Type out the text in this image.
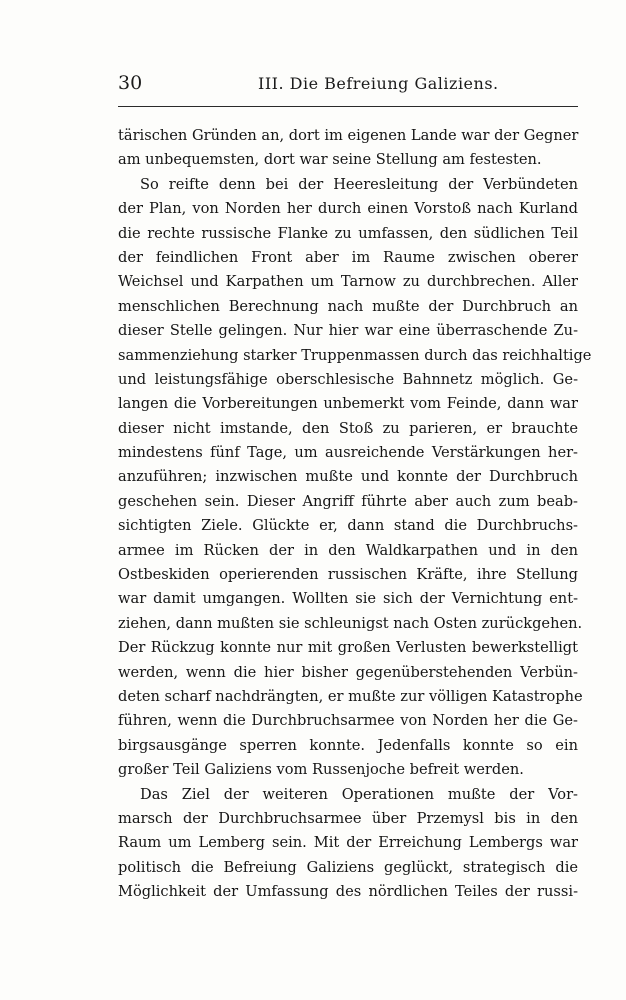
30	III. Die Befreiung Galiziens.
tärischen Gründen an, dort im eigenen Lande war der Gegner
am unbequemsten, dort war seine Stellung am festesten.
So reifte denn bei der Heeresleitung der Verbündeten
der Plan, von Norden her durch einen Vorstoß nach Kurland
die rechte russische Flanke zu umfassen, den südlichen Teil
der feindlichen Front aber im Raume zwischen oberer
Weichsel und Karpathen um Tarnow zu durchbrechen. Aller
menschlichen Berechnung nach mußte der Durchbruch an
dieser Stelle gelingen. Nur hier war eine überraschende Zu-
sammenziehung starker Truppenmassen durch das reichhaltige
und leistungsfähige oberschlesische Bahnnetz möglich. Ge-
langen die Vorbereitungen unbemerkt vom Feinde, dann war
dieser nicht imstande, den Stoß zu parieren, er brauchte
mindestens fünf Tage, um ausreichende Verstärkungen her-
anzuführen; inzwischen mußte und konnte der Durchbruch
geschehen sein. Dieser Angriff führte aber auch zum beab-
sichtigten Ziele. Glückte er, dann stand die Durchbruchs-
armee im Rücken der in den Waldkarpathen und in den
Ostbeskiden operierenden russischen Kräfte, ihre Stellung
war damit umgangen. Wollten sie sich der Vernichtung ent-
ziehen, dann mußten sie schleunigst nach Osten zurückgehen.
Der Rückzug konnte nur mit großen Verlusten bewerkstelligt
werden, wenn die hier bisher gegenüberstehenden Verbün-
deten scharf nachdrängten, er mußte zur völligen Katastrophe
führen, wenn die Durchbruchsarmee von Norden her die Ge-
birgsausgänge sperren konnte. Jedenfalls konnte so ein
großer Teil Galiziens vom Russenjoche befreit werden.
Das Ziel der weiteren Operationen mußte der Vor-
marsch der Durchbruchsarmee über Przemysl bis in den
Raum um Lemberg sein. Mit der Erreichung Lembergs war
politisch die Befreiung Galiziens geglückt, strategisch die
Möglichkeit der Umfassung des nördlichen Teiles der russi-
